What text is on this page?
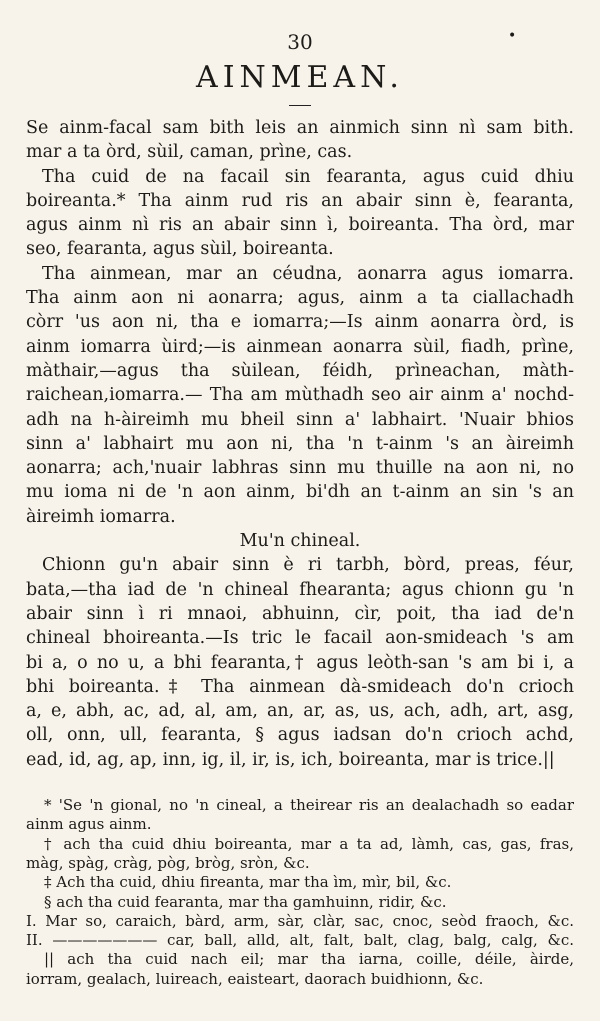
•
30
AINMEAN.
Se ainm-facal sam bith leis an ainmich sinn nì sam bith.
mar a ta òrd, sùil, caman, prìne, cas.
Tha cuid de na facail sin fearanta, agus cuid dhiu
boireanta.* Tha ainm rud ris an abair sinn è, fearanta,
agus ainm nì ris an abair sinn ì, boireanta. Tha òrd, mar
seo, fearanta, agus sùil, boireanta.
Tha ainmean, mar an céudna, aonarra agus iomarra.
Tha ainm aon ni aonarra; agus, ainm a ta ciallachadh
còrr 'us aon ni, tha e iomarra;—Is ainm aonarra òrd, is
ainm iomarra ùird;—is ainmean aonarra sùil, fiadh, prìne,
màthair,—agus tha sùilean, féidh, prìneachan, màth-
raichean,iomarra.— Tha am mùthadh seo air ainm a' nochd-
adh na h-àireimh mu bheil sinn a' labhairt. 'Nuair bhios
sinn a' labhairt mu aon ni, tha 'n t-ainm 's an àireimh
aonarra; ach,'nuair labhras sinn mu thuille na aon ni, no
mu ioma ni de 'n aon ainm, bi'dh an t-ainm an sin 's an
àireimh iomarra.
Mu'n chineal.
Chionn gu'n abair sinn è ri tarbh, bòrd, preas, féur,
bata,—tha iad de 'n chineal fhearanta; agus chionn gu 'n
abair sinn ì ri mnaoi, abhuinn, cìr, poit, tha iad de'n
chineal bhoireanta.—Is tric le facail aon-smideach 's am
bi a, o no u, a bhi fearanta,† agus leòth-san 's am bi i, a
bhi boireanta.‡ Tha ainmean dà-smideach do'n crioch
a, e, abh, ac, ad, al, am, an, ar, as, us, ach, adh, art, asg,
oll, onn, ull, fearanta, § agus iadsan do'n crioch achd,
ead, id, ag, ap, inn, ig, il, ir, is, ich, boireanta, mar is trice.||
* 'Se 'n gional, no 'n cineal, a theirear ris an dealachadh so eadar
ainm agus ainm.
† ach tha cuid dhiu boireanta, mar a ta ad, làmh, cas, gas, fras,
màg, spàg, cràg, pòg, bròg, sròn, &c.
‡ Ach tha cuid, dhiu fireanta, mar tha ìm, mìr, bil, &c.
§ ach tha cuid fearanta, mar tha gamhuinn, ridir, &c.
I. Mar so, caraich, bàrd, arm, sàr, clàr, sac, cnoc, seòd fraoch, &c.
II. ——————— car, ball, alld, alt, falt, balt, clag, balg, calg, &c.
|| ach tha cuid nach eil; mar tha iarna, coille, déile, àirde,
iorram, gealach, luireach, eaisteart, daorach buidhionn, &c.
